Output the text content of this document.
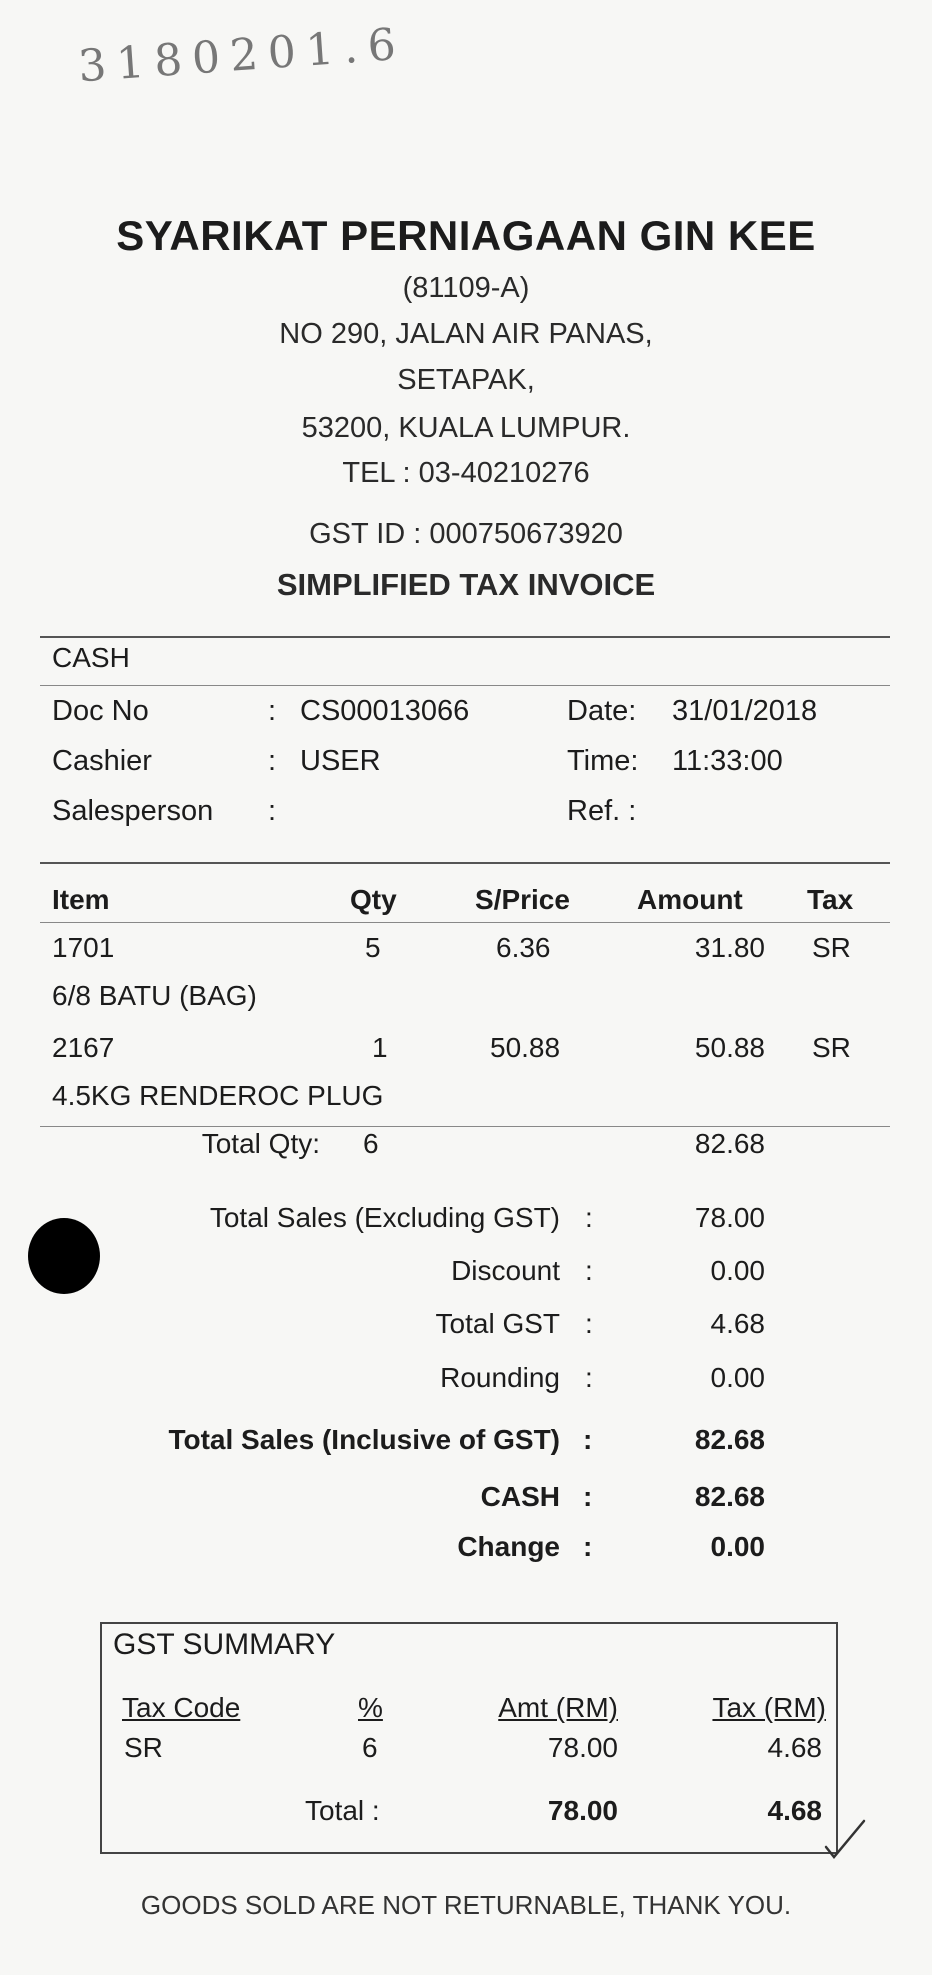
3180201.6
SYARIKAT PERNIAGAAN GIN KEE
(81109-A)
NO 290, JALAN AIR PANAS,
SETAPAK,
53200, KUALA LUMPUR.
TEL : 03-40210276
GST ID : 000750673920
SIMPLIFIED TAX INVOICE
CASH
Doc No	: CS00013066	Date: 31/01/2018
Cashier	: USER	Time: 11:33:00
Salesperson :	Ref. :
Item	Qty	S/Price Amount Tax
1701	5	6.36	31.80 SR
6/8 BATU (BAG)
2167	1	50.88	50.88 SR
4.5KG RENDEROC PLUG
Total Qty: 6	82.68
Total Sales (Excluding GST) :	78.00
Discount :	0.00
Total GST :	4.68
Rounding :	0.00
Total Sales (Inclusive of GST) :	82.68
CASH :	82.68
Change :	0.00
GST SUMMARY
Tax Code	%	Amt (RM)	Tax (RM)
SR	6	78.00	4.68
Total :	78.00	4.68
GOODS SOLD ARE NOT RETURNABLE, THANK YOU.
